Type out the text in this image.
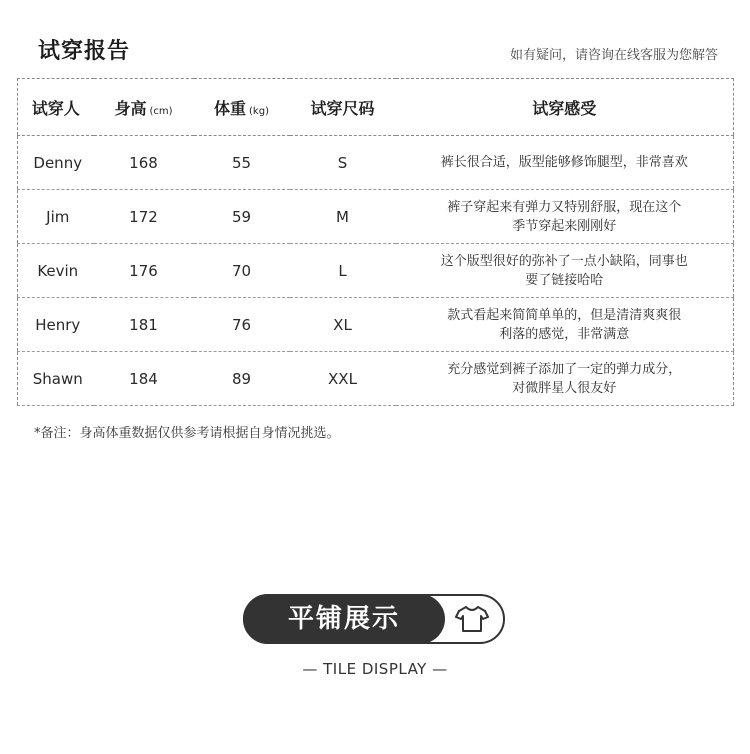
试穿报告	如有疑问，请咨询在线客服为您解答
试穿人	身高 (cm)	体重 (kg)	试穿尺码	试穿感受
Denny	168	55	S	裤长很合适，版型能够修饰腿型，非常喜欢

Jim	172	59	M	裤子穿起来有弹力又特别舒服，现在这个
季节穿起来刚刚好

Kevin	176	70	L	这个版型很好的弥补了一点小缺陷，同事也
要了链接哈哈

Henry	181	76	XL	款式看起来简简单单的，但是清清爽爽很
利落的感觉，非常满意

Shawn	184	89	XXL	充分感觉到裤子添加了一定的弹力成分，
对微胖星人很友好
*备注：身高体重数据仅供参考请根据自身情况挑选。
平铺展示
— TILE DISPLAY —
